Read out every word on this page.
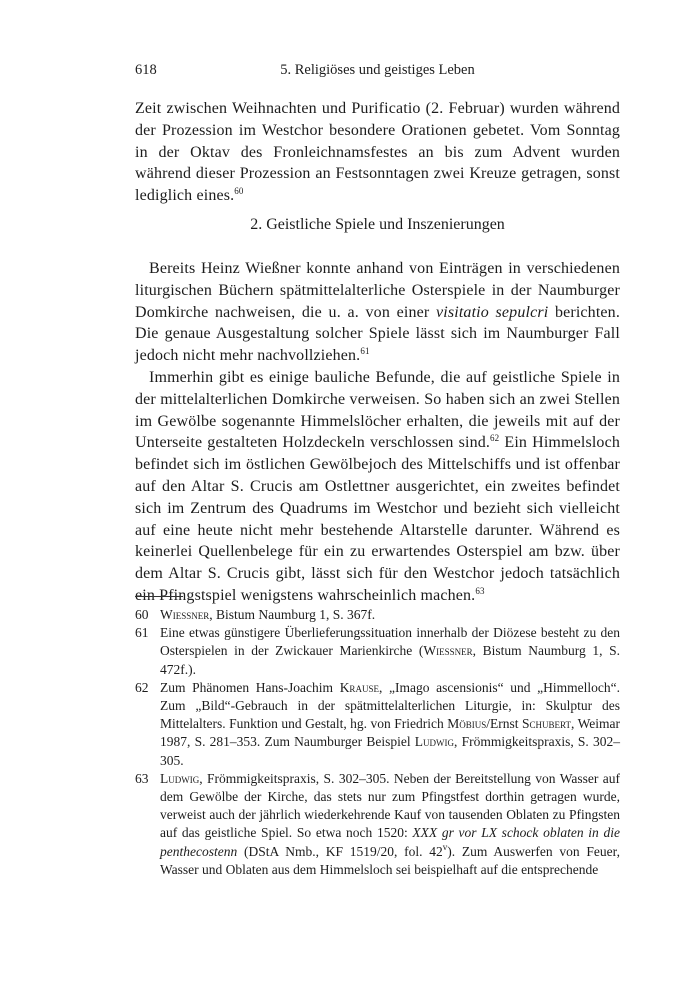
618	5. Religiöses und geistiges Leben

Zeit zwischen Weihnachten und Purificatio (2. Februar) wurden während der Prozession im Westchor besondere Orationen gebetet. Vom Sonntag in der Oktav des Fronleichnamsfestes an bis zum Advent wurden während dieser Prozession an Festsonntagen zwei Kreuze getragen, sonst lediglich eines.$^{60}$

2. Geistliche Spiele und Inszenierungen

Bereits Heinz Wießner konnte anhand von Einträgen in verschiedenen liturgischen Büchern spätmittelalterliche Osterspiele in der Naumburger Domkirche nachweisen, die u. a. von einer visitatio sepulcri berichten. Die genaue Ausgestaltung solcher Spiele lässt sich im Naumburger Fall jedoch nicht mehr nachvollziehen.$^{61}$

Immerhin gibt es einige bauliche Befunde, die auf geistliche Spiele in der mittelalterlichen Domkirche verweisen. So haben sich an zwei Stellen im Gewölbe sogenannte Himmelslöcher erhalten, die jeweils mit auf der Unterseite gestalteten Holzdeckeln verschlossen sind.$^{62}$ Ein Himmelsloch befindet sich im östlichen Gewölbejoch des Mittelschiffs und ist offenbar auf den Altar S. Crucis am Ostlettner ausgerichtet, ein zweites befindet sich im Zentrum des Quadrums im Westchor und bezieht sich vielleicht auf eine heute nicht mehr bestehende Altarstelle darunter. Während es keinerlei Quellenbelege für ein zu erwartendes Osterspiel am bzw. über dem Altar S. Crucis gibt, lässt sich für den Westchor jedoch tatsächlich ein Pfingstspiel wenigstens wahrscheinlich machen.$^{63}$

60 Wiessner, Bistum Naumburg 1, S. 367f.

61 Eine etwas günstigere Überlieferungssituation innerhalb der Diözese besteht zu den Osterspielen in der Zwickauer Marienkirche (Wiessner, Bistum Naumburg 1, S. 472f.).

62 Zum Phänomen Hans-Joachim Krause, „Imago ascensionis“ und „Himmelloch“. Zum „Bild“-Gebrauch in der spätmittelalterlichen Liturgie, in: Skulptur des Mittelalters. Funktion und Gestalt, hg. von Friedrich Möbius/Ernst Schubert, Weimar 1987, S. 281–353. Zum Naumburger Beispiel Ludwig, Frömmigkeitspraxis, S. 302–305.

63 Ludwig, Frömmigkeitspraxis, S. 302–305. Neben der Bereitstellung von Wasser auf dem Gewölbe der Kirche, das stets nur zum Pfingstfest dorthin getragen wurde, verweist auch der jährlich wiederkehrende Kauf von tausenden Oblaten zu Pfingsten auf das geistliche Spiel. So etwa noch 1520: XXX gr vor LX schock oblaten in die penthecostenn (DStA Nmb., KF 1519/20, fol. 42$^v$). Zum Auswerfen von Feuer, Wasser und Oblaten aus dem Himmelsloch sei beispielhaft auf die entsprechende
